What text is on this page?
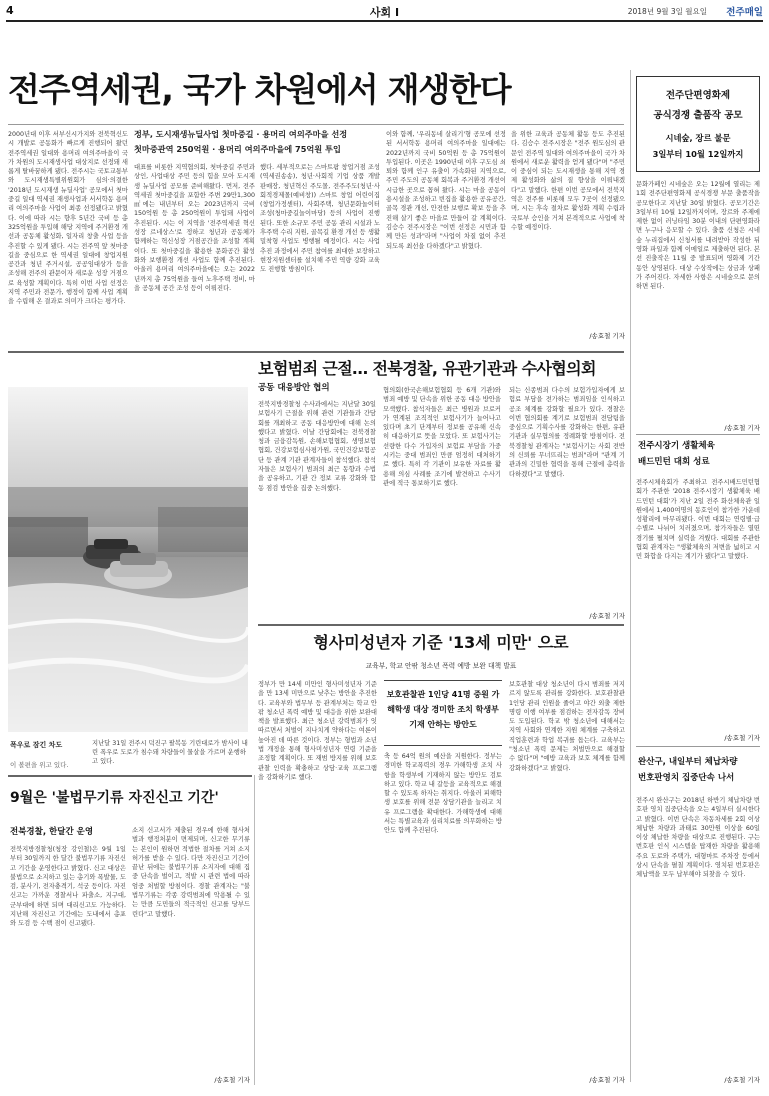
4	사회 I	2018년 9월 3일 월요일 전주매일
전주역세권, 국가 차원에서 재생한다
2000년대 이후 서부신시가지와 전북혁신도시 개발로 공동화가 빠르게 진행되어 왔던 전주역세권 일대와 용머리 여의주마을이 국가 차원의 도시재생사업 대상지로 선정돼 새롭게 탈바꿈하게 됐다. 전주시는 국토교통부와 도시재생특별위원회가 심의·의결한 '2018년 도시재생 뉴딜사업' 공모에서 첫마중길 일대 역세권 재생사업과 서서학동 용머리 여의주마을 사업이 최종 선정됐다고 밝혔다. 이에 따라 시는 향후 5년간 국비 등 총 325억원을 투입해 해당 지역에 주거환경 개선과 공동체 활성화, 일자리 창출 사업 등을 추진할 수 있게 됐다. 시는 전주역 앞 첫마중길을 중심으로 한 역세권 일대에 창업지원 공간과 청년 주거시설, 공공임대상가 등을 조성해 전주의 관문이자 새로운 성장 거점으로 육성할 계획이다. 특히 이번 사업 선정은 지역 주민과 전문가, 행정이 함께 사업 계획을 수립해 온 결과로 의미가 크다는 평가다.
정부, 도시재생뉴딜사업 첫마중길 · 용머리 여의주마을 선정
첫마중관역 250억원 · 용머리 여의주마을에 75억원 투입
대표를 비롯한 지역협의회, 첫마중길 주민과 상인, 사업대상 주민 등의 힘을 모아 도시재생 뉴딜사업 공모를 준비해왔다. 먼저, 전주역세권 첫마중길을 포함한 주변 29만1,300㎡에는 내년부터 오는 2023년까지 국비 150억원 등 총 250억원이 투입돼 사업이 추진된다. 시는 이 지역을 '전주역세권 혁신성장 르네상스'로 정하고 청년과 공동체가 함께하는 혁신성장 거점공간을 조성할 계획이다. 또 첫마중길을 활용한 문화공간 활성화와 보행환경 개선 사업도 함께 추진된다. 아울러 용머리 여의주마을에는 오는 2022년까지 총 75억원을 들여 노후주택 정비, 마을 공동체 공간 조성 등이 이뤄진다.
했다. 세부적으로는 스마트팜 창업거점 조성(역세권송송), 청년·사회적 기업 상품 개발 판매장, 청년혁신 주도몰, 전주주도(청년·사회적경제몰(예비창)) 스마트 창업 어린이집(창업가정센터), 사회주택, 청년문화놀이터 조성(청마중길놀이마당) 등의 사업이 진행된다. 또한 소규모 주민 공동 관리 시설과 노후주택 수리 지원, 골목길 환경 개선 등 생활밀착형 사업도 병행될 예정이다. 시는 사업 추진 과정에서 주민 참여를 최대한 보장하고 현장지원센터를 설치해 주민 역량 강화 교육도 진행할 방침이다.
이와 함께, '우리동네 살리기'형 공모에 선정된 서서학동 용머리 여의주마을 일대에는 2022년까지 국비 50억원 등 총 75억원이 투입된다. 이곳은 1990년대 이후 구도심 쇠퇴와 함께 인구 유출이 가속화된 지역으로, 주민 주도의 공동체 회복과 주거환경 개선이 시급한 곳으로 꼽혀 왔다. 시는 마을 공동이용시설을 조성하고 빈집을 활용한 공유공간, 골목 경관 개선, 안전한 보행로 확보 등을 추진해 살기 좋은 마을로 만들어 갈 계획이다. 김승수 전주시장은 "이번 선정은 시민과 함께 만든 성과"라며 "사업이 차질 없이 추진되도록 최선을 다하겠다"고 밝혔다.
을 위한 교육과 공동체 활동 등도 추진된다. 김승수 전주시장은 "전주 원도심의 관문인 전주역 일대와 여의주마을이 국가 차원에서 새로운 활력을 얻게 됐다"며 "주민이 중심이 되는 도시재생을 통해 지역 경제 활성화와 삶의 질 향상을 이뤄내겠다"고 말했다. 한편 이번 공모에서 전북지역은 전주를 비롯해 모두 7곳이 선정됐으며, 시는 후속 절차로 활성화 계획 수립과 국토부 승인을 거쳐 본격적으로 사업에 착수할 예정이다.
/송효철 기자
전주단편영화제
공식경쟁 출품작 공모
시네숲, 장르 불문
3일부터 10월 12일까지
문화가페인 시네숲은 오는 12월에 열리는 제1회 전주단편영화제 공식경쟁 부문 출품작을 공모한다고 지난달 30일 밝혔다. 공모기간은 3일부터 10월 12일까지이며, 장르와 주제에 제한 없이 러닝타임 30분 이내의 단편영화라면 누구나 응모할 수 있다. 출품 신청은 시네숲 누리집에서 신청서를 내려받아 작성한 뒤 영화 파일과 함께 이메일로 제출하면 된다. 본선 진출작은 11월 중 발표되며 영화제 기간 동안 상영된다. 대상 수상작에는 상금과 상패가 주어진다. 자세한 사항은 시네숲으로 문의하면 된다.
/송효철 기자
보험범죄 근절… 전북경찰, 유관기관과 수사협의회
폭우로 잠긴 차도
이 볼편을 위고 있다.
지난달 31일 전주시 덕진구 팔복동 기린대로가 밤사이 내린 폭우로 도로가 침수돼 차량들이 물살을 가르며 운행하고 있다.
공동 대응방안 협의
전북지방경찰청 수사과에서는 지난달 30일 보험사기 근절을 위해 관련 기관들과 간담회를 개최하고 공동 대응방안에 대해 논의했다고 밝혔다. 이날 간담회에는 전북경찰청과 금융감독원, 손해보험협회, 생명보험협회, 건강보험심사평가원, 국민건강보험공단 등 관계 기관 관계자들이 참석했다. 참석자들은 보험사기 범죄의 최근 동향과 수법을 공유하고, 기관 간 정보 교류 강화와 합동 점검 방안을 집중 논의했다.
협의회(한국손해보험협회 등 6개 기관)와 범죄 예방 및 단속을 위한 공동 대응 방안을 모색했다. 참석자들은 최근 병원과 브로커가 연계된 조직적인 보험사기가 늘어나고 있다며 초기 단계부터 정보를 공유해 신속히 대응하기로 뜻을 모았다. 또 보험사기는 선량한 다수 가입자의 보험료 부담을 가중시키는 중대 범죄인 만큼 엄정히 대처하기로 했다. 특히 각 기관이 보유한 자료를 활용해 의심 사례를 조기에 발견하고 수사기관에 적극 통보하기로 했다.
되는 신종범죄 다수의 보험가입자에게 보험료 부담을 전가하는 범죄임을 인식하고 공조 체계를 강화할 필요가 있다. 경찰은 이번 협의회를 계기로 보험범죄 전담팀을 중심으로 기획수사를 강화하는 한편, 유관기관과 실무협의를 정례화할 방침이다. 전북경찰청 관계자는 "보험사기는 사회 전반의 신뢰를 무너뜨리는 범죄"라며 "관계 기관과의 긴밀한 협력을 통해 근절에 총력을 다하겠다"고 말했다.
/송효철 기자
형사미성년자 기준 '13세 미만' 으로
교육부, 학교 안팎 청소년 폭력 예방 보완 대책 발표
정부가 만 14세 미만인 형사미성년자 기준을 만 13세 미만으로 낮추는 방안을 추진한다. 교육부와 법무부 등 관계부처는 학교 안팎 청소년 폭력 예방 및 대응을 위한 보완대책을 발표했다. 최근 청소년 강력범죄가 잇따르면서 처벌이 지나치게 약하다는 여론이 높아진 데 따른 것이다. 정부는 형법과 소년법 개정을 통해 형사미성년자 연령 기준을 조정할 계획이다. 또 재범 방지를 위해 보호관찰 인력을 확충하고 상담·교육 프로그램을 강화하기로 했다.
보호관찰관 1인당 41명 중원 가해학생 대상 경미한 조치 학생부 기재 안하는 방안도
축 등 64억 원의 예산을 지원한다. 정부는 경미한 학교폭력의 경우 가해학생 조치 사항을 학생부에 기재하지 않는 방안도 검토하고 있다. 학교 내 갈등을 교육적으로 해결할 수 있도록 하자는 취지다. 아울러 피해학생 보호를 위해 전문 상담기관을 늘리고 치유 프로그램을 확대한다. 가해학생에 대해서는 특별교육과 심리치료를 의무화하는 방안도 함께 추진된다.
보호관찰 대상 청소년이 다시 범죄를 저지르지 않도록 관리를 강화한다. 보호관찰관 1인당 관리 인원을 줄이고 야간 외출 제한 명령 이행 여부를 점검하는 전자감독 장비도 도입된다. 학교 밖 청소년에 대해서는 지역 사회와 연계한 지원 체계를 구축하고 직업훈련과 학업 복귀를 돕는다. 교육부는 "청소년 폭력 문제는 처벌만으로 해결할 수 없다"며 "예방 교육과 보호 체계를 함께 강화하겠다"고 밝혔다.
/송효철 기자
9월은 '불법무기류 자진신고 기간'
전북경찰, 한달간 운영
전북지방경찰청(청장 강인철)은 9월 1일부터 30일까지 한 달간 불법무기류 자진신고 기간을 운영한다고 밝혔다. 신고 대상은 불법으로 소지하고 있는 총기와 폭발물, 도검, 분사기, 전자충격기, 석궁 등이다. 자진신고는 가까운 경찰서나 파출소, 지구대, 군부대에 하면 되며 대리신고도 가능하다. 지난해 자진신고 기간에는 도내에서 총포와 도검 등 수백 점이 신고됐다.
소지 신고서가 제출된 경우에 한해 형사처벌과 행정처분이 면제되며, 신고한 무기류는 본인이 원하면 적법한 절차를 거쳐 소지 허가를 받을 수 있다. 다만 자진신고 기간이 끝난 뒤에는 불법무기류 소지자에 대해 집중 단속을 벌이고, 적발 시 관련 법에 따라 엄중 처벌할 방침이다. 경찰 관계자는 "불법무기류는 각종 강력범죄에 악용될 수 있는 만큼 도민들의 적극적인 신고를 당부드린다"고 말했다.
/송효철 기자
전주시장기 생활체육
배드민턴 대회 성료
전주시체육회가 주최하고 전주시배드민턴협회가 주관한 '2018 전주시장기 생활체육 배드민턴 대회'가 지난 2일 전주 화산체육관 일원에서 1,400여명의 동호인이 참가한 가운데 성황리에 마무리됐다. 이번 대회는 연령별·급수별로 나뉘어 치러졌으며, 참가자들은 열띤 경기를 펼치며 실력을 겨뤘다. 대회를 주관한 협회 관계자는 "생활체육의 저변을 넓히고 시민 화합을 다지는 계기가 됐다"고 말했다.
/송효철 기자
완산구, 내일부터 체납차량
번호판영치 집중단속 나서
전주시 완산구는 2018년 하반기 체납차량 번호판 영치 집중단속을 오는 4일부터 실시한다고 밝혔다. 이번 단속은 자동차세를 2회 이상 체납한 차량과 과태료 30만원 이상을 60일 이상 체납한 차량을 대상으로 진행된다. 구는 번호판 인식 시스템을 탑재한 차량을 활용해 주요 도로와 주택가, 대형마트 주차장 등에서 상시 단속을 펼칠 계획이다. 영치된 번호판은 체납액을 모두 납부해야 되찾을 수 있다.
/송효철 기자
